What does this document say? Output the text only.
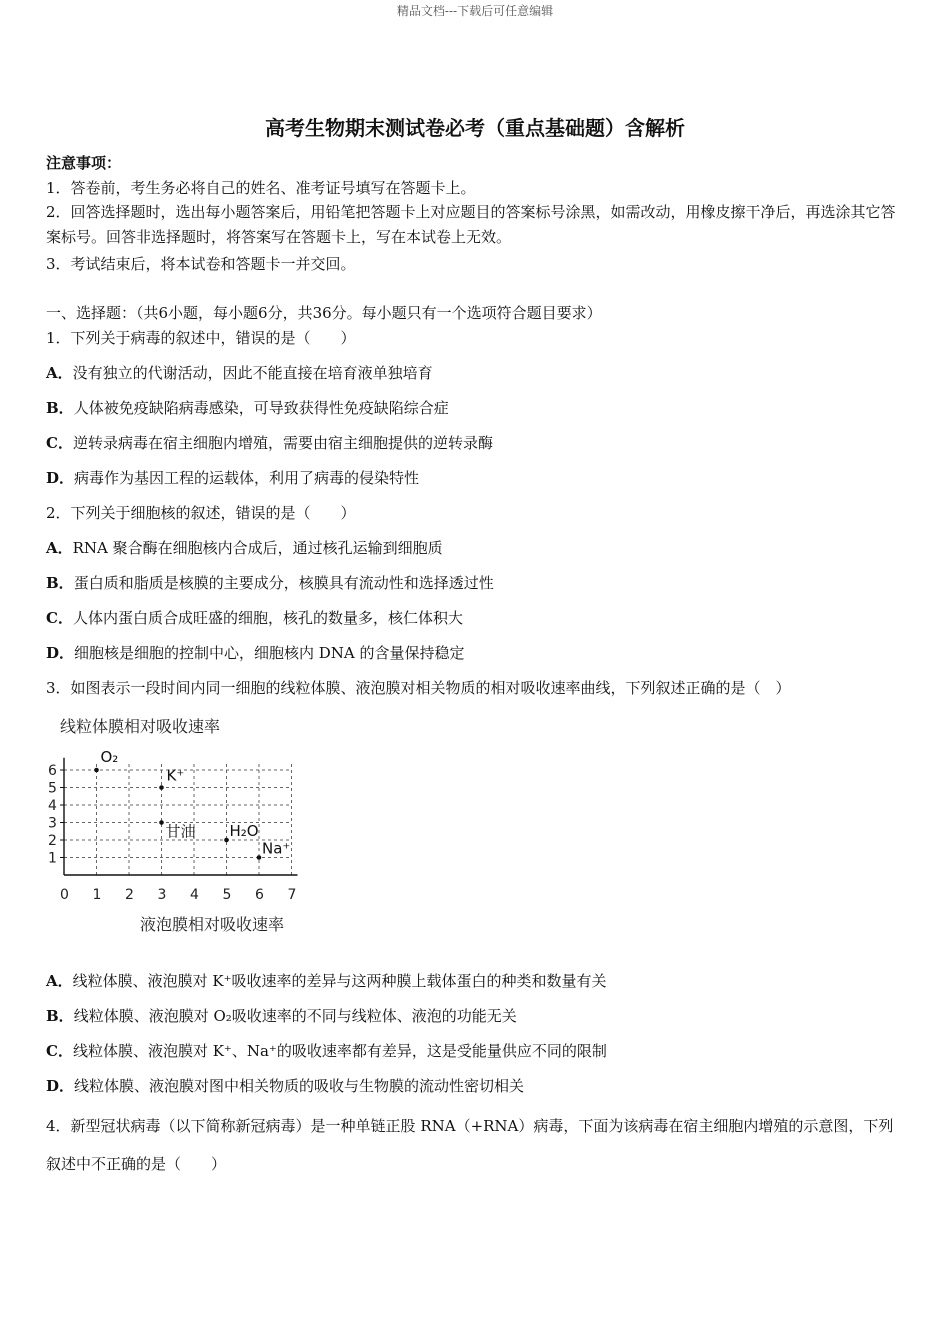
精品文档---下载后可任意编辑
高考生物期末测试卷必考（重点基础题）含解析
注意事项：
1．答卷前，考生务必将自己的姓名、准考证号填写在答题卡上。
2．回答选择题时，选出每小题答案后，用铅笔把答题卡上对应题目的答案标号涂黑，如需改动，用橡皮擦干净后，再选涂其它答案标号。回答非选择题时，将答案写在答题卡上，写在本试卷上无效。
3．考试结束后，将本试卷和答题卡一并交回。
一、选择题：（共6小题，每小题6分，共36分。每小题只有一个选项符合题目要求）
1．下列关于病毒的叙述中，错误的是（　　）
A．没有独立的代谢活动，因此不能直接在培育液单独培育
B．人体被免疫缺陷病毒感染，可导致获得性免疫缺陷综合症
C．逆转录病毒在宿主细胞内增殖，需要由宿主细胞提供的逆转录酶
D．病毒作为基因工程的运载体，利用了病毒的侵染特性
2．下列关于细胞核的叙述，错误的是（　　）
A．RNA 聚合酶在细胞核内合成后，通过核孔运输到细胞质
B．蛋白质和脂质是核膜的主要成分，核膜具有流动性和选择透过性
C．人体内蛋白质合成旺盛的细胞，核孔的数量多，核仁体积大
D．细胞核是细胞的控制中心，细胞核内 DNA 的含量保持稳定
3．如图表示一段时间内同一细胞的线粒体膜、液泡膜对相关物质的相对吸收速率曲线，下列叙述正确的是（　）
线粒体膜相对吸收速率
0 1 2 3 4 5 6 7
1
2
3
4
5
6
O₂
K⁺
甘油 H₂O
Na⁺
液泡膜相对吸收速率
A．线粒体膜、液泡膜对 K⁺吸收速率的差异与这两种膜上载体蛋白的种类和数量有关
B．线粒体膜、液泡膜对 O₂吸收速率的不同与线粒体、液泡的功能无关
C．线粒体膜、液泡膜对 K⁺、Na⁺的吸收速率都有差异，这是受能量供应不同的限制
D．线粒体膜、液泡膜对图中相关物质的吸收与生物膜的流动性密切相关
4．新型冠状病毒（以下简称新冠病毒）是一种单链正股 RNA（+RNA）病毒，下面为该病毒在宿主细胞内增殖的示意图，下列叙述中不正确的是（　　）
